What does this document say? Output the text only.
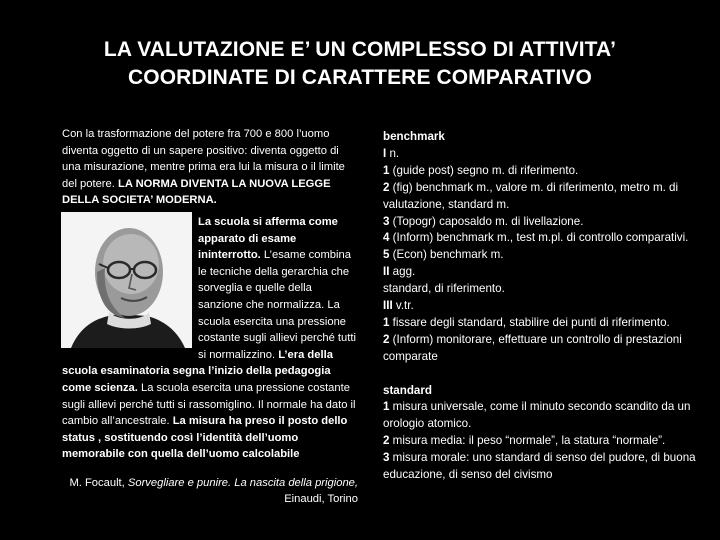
LA VALUTAZIONE E’ UN COMPLESSO DI ATTIVITA’
COORDINATE DI CARATTERE COMPARATIVO

Con la trasformazione del potere fra 700 e 800 l’uomo diventa oggetto di un sapere positivo: diventa oggetto di una misurazione, mentre prima era lui la misura o il limite del potere. LA NORMA DIVENTA LA NUOVA LEGGE DELLA SOCIETA’ MODERNA.

La scuola si afferma come apparato di esame ininterrotto. L’esame combina le tecniche della gerarchia che sorveglia e quelle della sanzione che normalizza. La scuola esercita una pressione costante sugli allievi perché tutti si normalizzino. L’era della scuola esaminatoria segna l’inizio della pedagogia come scienza. La scuola esercita una pressione costante sugli allievi perché tutti si rassomiglino. Il normale ha dato il cambio all’ancestrale. La misura ha preso il posto dello status , sostituendo così l’identità dell’uomo memorabile con quella dell’uomo calcolabile

M. Focault, Sorvegliare e punire. La nascita della prigione, Einaudi, Torino
benchmark
I n.
1 (guide post) segno m. di riferimento.
2 (fig) benchmark m., valore m. di riferimento, metro m. di valutazione, standard m.
3 (Topogr) caposaldo m. di livellazione.
4 (Inform) benchmark m., test m.pl. di controllo comparativi.
5 (Econ) benchmark m.
II agg.
standard, di riferimento.
III v.tr.
1 fissare degli standard, stabilire dei punti di riferimento.
2 (Inform) monitorare, effettuare un controllo di prestazioni comparate
standard
1 misura universale, come il minuto secondo scandito da un orologio atomico.
2 misura media: il peso “normale”, la statura “normale”.
3 misura morale: uno standard di senso del pudore, di buona educazione, di senso del civismo
